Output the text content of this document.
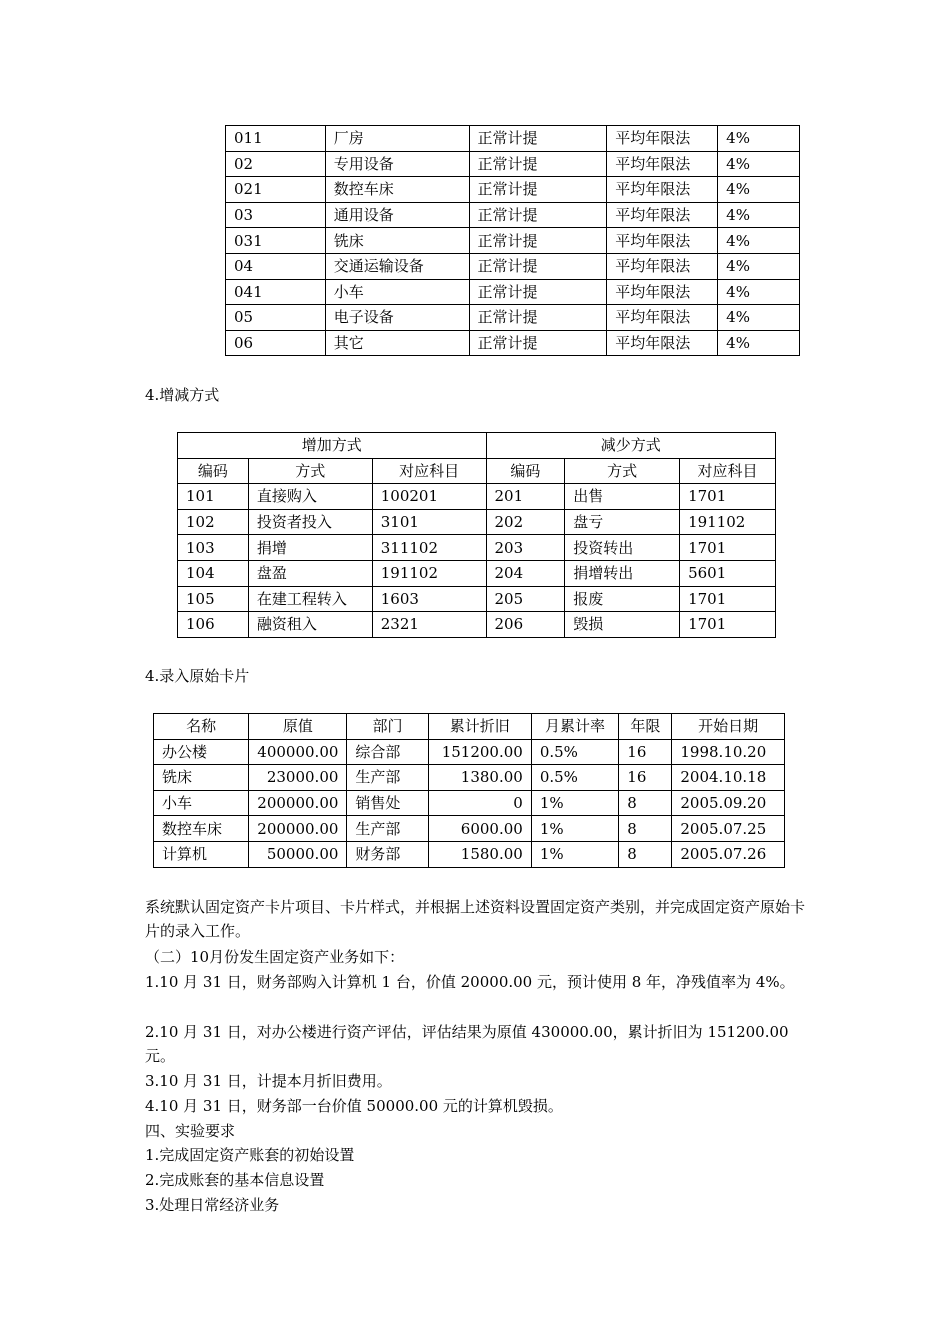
011	厂房	正常计提	平均年限法	4%
02	专用设备	正常计提	平均年限法	4%
021	数控车床	正常计提	平均年限法	4%
03	通用设备	正常计提	平均年限法	4%
031	铣床	正常计提	平均年限法	4%
04	交通运输设备	正常计提	平均年限法	4%
041	小车	正常计提	平均年限法	4%
05	电子设备	正常计提	平均年限法	4%
06	其它	正常计提	平均年限法	4%

4.增减方式

增加方式			减少方式		
编码	方式	对应科目	编码	方式	对应科目
101	直接购入	100201	201	出售	1701
102	投资者投入	3101	202	盘亏	191102
103	捐增	311102	203	投资转出	1701
104	盘盈	191102	204	捐增转出	5601
105	在建工程转入	1603	205	报废	1701
106	融资租入	2321	206	毁损	1701

4.录入原始卡片

名称	原值	部门	累计折旧	月累计率	年限	开始日期
办公楼	400000.00	综合部	151200.00	0.5%	16	1998.10.20
铣床	23000.00	生产部	1380.00	0.5%	16	2004.10.18
小车	200000.00	销售处	0	1%	8	2005.09.20
数控车床	200000.00	生产部	6000.00	1%	8	2005.07.25
计算机	50000.00	财务部	1580.00	1%	8	2005.07.26

系统默认固定资产卡片项目、卡片样式，并根据上述资料设置固定资产类别，并完成固定资产原始卡片的录入工作。

（二）10月份发生固定资产业务如下：

1.10 月 31 日，财务部购入计算机 1 台，价值 20000.00 元，预计使用 8 年，净残值率为 4%。

2.10 月 31 日，对办公楼进行资产评估，评估结果为原值 430000.00，累计折旧为 151200.00 元。

3.10 月 31 日，计提本月折旧费用。

4.10 月 31 日，财务部一台价值 50000.00 元的计算机毁损。

四、实验要求

1.完成固定资产账套的初始设置

2.完成账套的基本信息设置

3.处理日常经济业务
